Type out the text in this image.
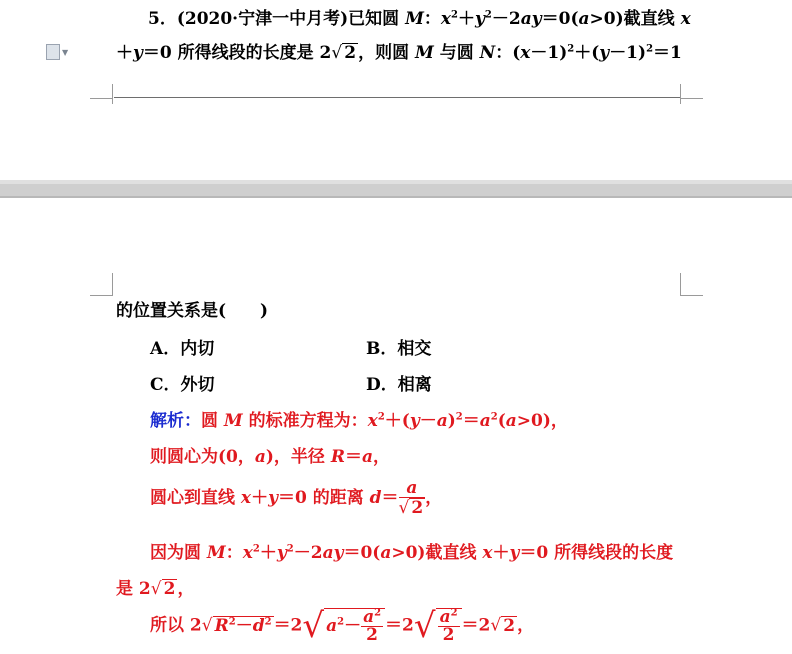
▼
5．(2020·宁津一中月考)已知圆 M：$x^2+y^2-2ay=0(a>0)$截直线 x
＋y＝0 所得线段的长度是 2√ 2 ，则圆 M 与圆 N：$(x-1)^2+(y-1)^2=1$
的位置关系是(　　)
A．内切	B．相交
C．外切	D．相离
解析：圆 M 的标准方程为：$x^2+(y-a)^2=a^2(a>0)$，
则圆心为(0，a)，半径 R＝a，
圆心到直线 x＋y＝0 的距离 $d= \frac{a}{√ 2}$ ，
因为圆 M：$x^2+y^2-2ay=0(a>0)$截直线 x＋y＝0 所得线段的长度
是 2√ 2 ，
所以 2√ $R^2-d^2 =2√$ $a^2- \frac{a^2}{2} =2√ \frac{a^2}{2} =2√$ 2 ，
